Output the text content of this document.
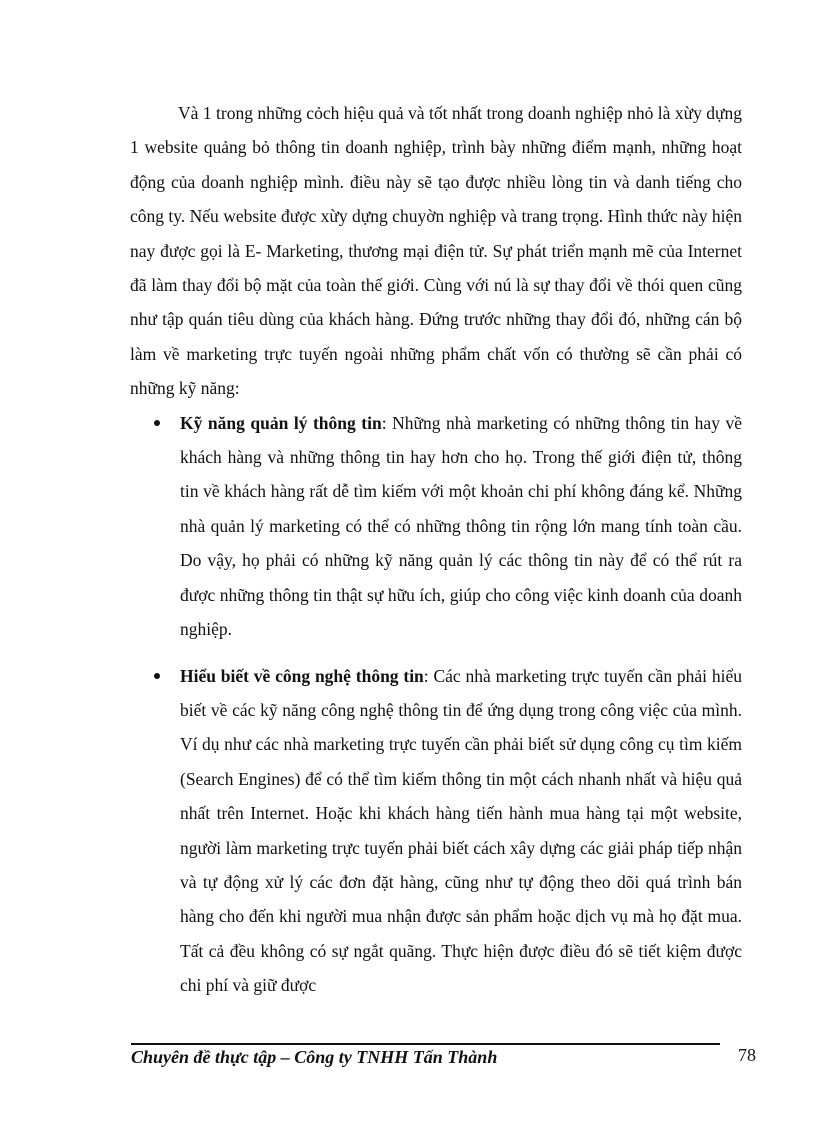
Và 1 trong những cỏch hiệu quả và tốt nhất trong doanh nghiệp nhỏ là xừy dựng 1 website quảng bỏ thông tin doanh nghiệp, trình bày những điểm mạnh, những hoạt động của doanh nghiệp mình. điều này sẽ tạo được nhiều lòng tin và danh tiếng cho công ty. Nếu website được xừy dựng chuyờn nghiệp và trang trọng. Hình thức này hiện nay được gọi là E- Marketing, thương mại điện tử. Sự phát triển mạnh mẽ của Internet đã làm thay đổi bộ mặt của toàn thế giới. Cùng với nú là sự thay đổi về thói quen cũng như tập quán tiêu dùng của khách hàng. Đứng trước những thay đổi đó, những cán bộ làm về marketing trực tuyến ngoài những phẩm chất vốn có thường sẽ cần phải có những kỹ năng:

Kỹ năng quản lý thông tin: Những nhà marketing có những thông tin hay về khách hàng và những thông tin hay hơn cho họ. Trong thế giới điện tử, thông tin về khách hàng rất dễ tìm kiếm với một khoản chi phí không đáng kể. Những nhà quản lý marketing có thể có những thông tin rộng lớn mang tính toàn cầu. Do vậy, họ phải có những kỹ năng quản lý các thông tin này để có thể rút ra được những thông tin thật sự hữu ích, giúp cho công việc kinh doanh của doanh nghiệp.
Hiểu biết về công nghệ thông tin: Các nhà marketing trực tuyến cần phải hiểu biết về các kỹ năng công nghệ thông tin để ứng dụng trong công việc của mình. Ví dụ như các nhà marketing trực tuyến cần phải biết sử dụng công cụ tìm kiếm (Search Engines) để có thể tìm kiếm thông tin một cách nhanh nhất và hiệu quả nhất trên Internet. Hoặc khi khách hàng tiến hành mua hàng tại một website, người làm marketing trực tuyến phải biết cách xây dựng các giải pháp tiếp nhận và tự động xử lý các đơn đặt hàng, cũng như tự động theo dõi quá trình bán hàng cho đến khi người mua nhận được sản phẩm hoặc dịch vụ mà họ đặt mua. Tất cả đều không có sự ngắt quãng. Thực hiện được điều đó sẽ tiết kiệm được chi phí và giữ được
Chuyên đề thực tập – Công ty TNHH Tấn Thành	78
